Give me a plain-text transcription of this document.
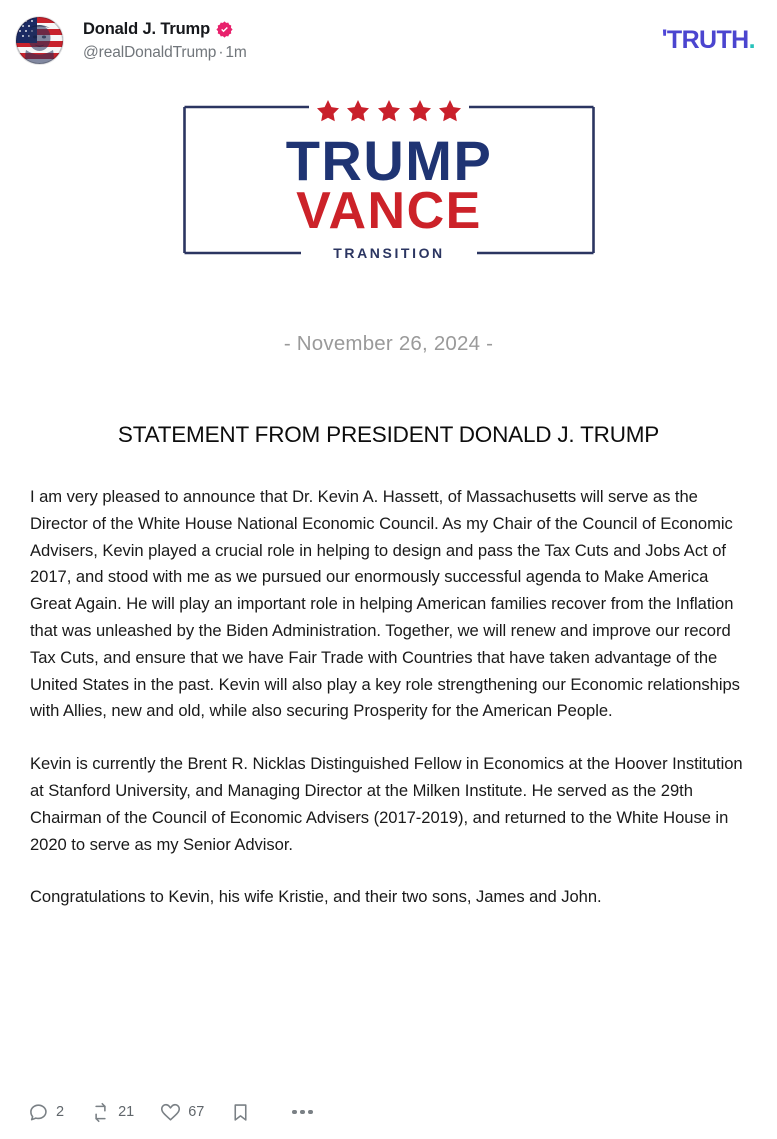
Donald J. Trump
@realDonaldTrump · 1m	' TRUTH .
TRUMP
VANCE
TRANSITION
- November 26, 2024 -
STATEMENT FROM PRESIDENT DONALD J. TRUMP

I am very pleased to announce that Dr. Kevin A. Hassett, of Massachusetts will serve as the Director of the White House National Economic Council. As my Chair of the Council of Economic Advisers, Kevin played a crucial role in helping to design and pass the Tax Cuts and Jobs Act of 2017, and stood with me as we pursued our enormously successful agenda to Make America Great Again. He will play an important role in helping American families recover from the Inflation that was unleashed by the Biden Administration. Together, we will renew and improve our record Tax Cuts, and ensure that we have Fair Trade with Countries that have taken advantage of the United States in the past. Kevin will also play a key role strengthening our Economic relationships with Allies, new and old, while also securing Prosperity for the American People.

Kevin is currently the Brent R. Nicklas Distinguished Fellow in Economics at the Hoover Institution at Stanford University, and Managing Director at the Milken Institute. He served as the 29th Chairman of the Council of Economic Advisers (2017-2019), and returned to the White House in 2020 to serve as my Senior Advisor.

Congratulations to Kevin, his wife Kristie, and their two sons, James and John.

2	21	67
